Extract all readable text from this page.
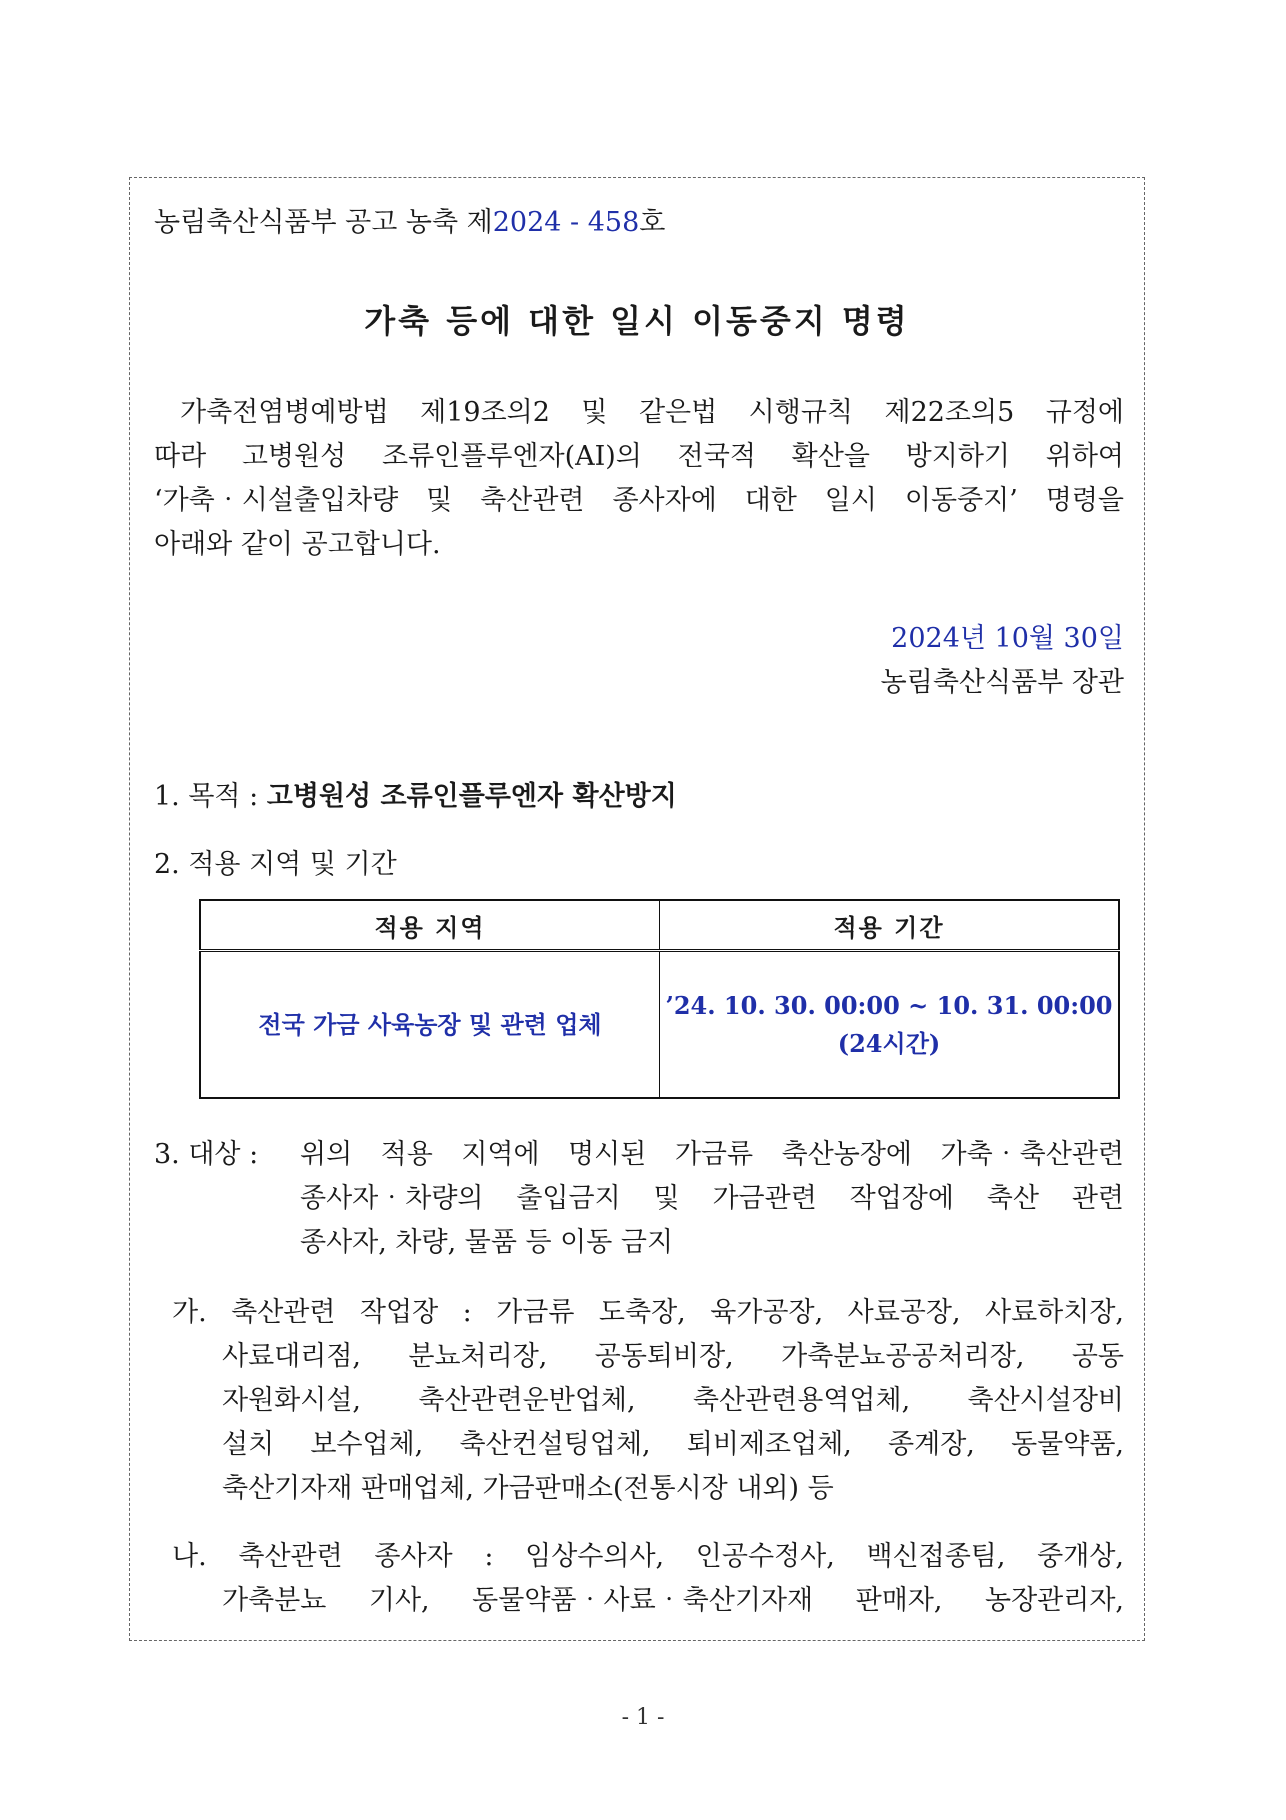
농림축산식품부 공고 농축 제2024 - 458호
가축 등에 대한 일시 이동중지 명령
가축전염병예방법 제19조의2 및 같은법 시행규칙 제22조의5 규정에
따라 고병원성 조류인플루엔자(AI)의 전국적 확산을 방지하기 위하여
‘가축‧시설출입차량 및 축산관련 종사자에 대한 일시 이동중지’ 명령을
아래와 같이 공고합니다.
2024년 10월 30일
농림축산식품부 장관
1. 목적 : 고병원성 조류인플루엔자 확산방지
2. 적용 지역 및 기간
적용 지역	적용 기간
전국 가금 사육농장 및 관련 업체	’24. 10. 30. 00:00 ~ 10. 31. 00:00
(24시간)
3. 대상 : 위의 적용 지역에 명시된 가금류 축산농장에 가축‧축산관련
종사자‧차량의 출입금지 및 가금관련 작업장에 축산 관련
종사자, 차량, 물품 등 이동 금지
가. 축산관련 작업장 : 가금류 도축장, 육가공장, 사료공장, 사료하치장,
사료대리점, 분뇨처리장, 공동퇴비장, 가축분뇨공공처리장, 공동
자원화시설, 축산관련운반업체, 축산관련용역업체, 축산시설장비
설치 보수업체, 축산컨설팅업체, 퇴비제조업체, 종계장, 동물약품,
축산기자재 판매업체, 가금판매소(전통시장 내외) 등
나. 축산관련 종사자 : 임상수의사, 인공수정사, 백신접종팀, 중개상,
가축분뇨 기사, 동물약품‧사료‧축산기자재 판매자, 농장관리자,
- 1 -
